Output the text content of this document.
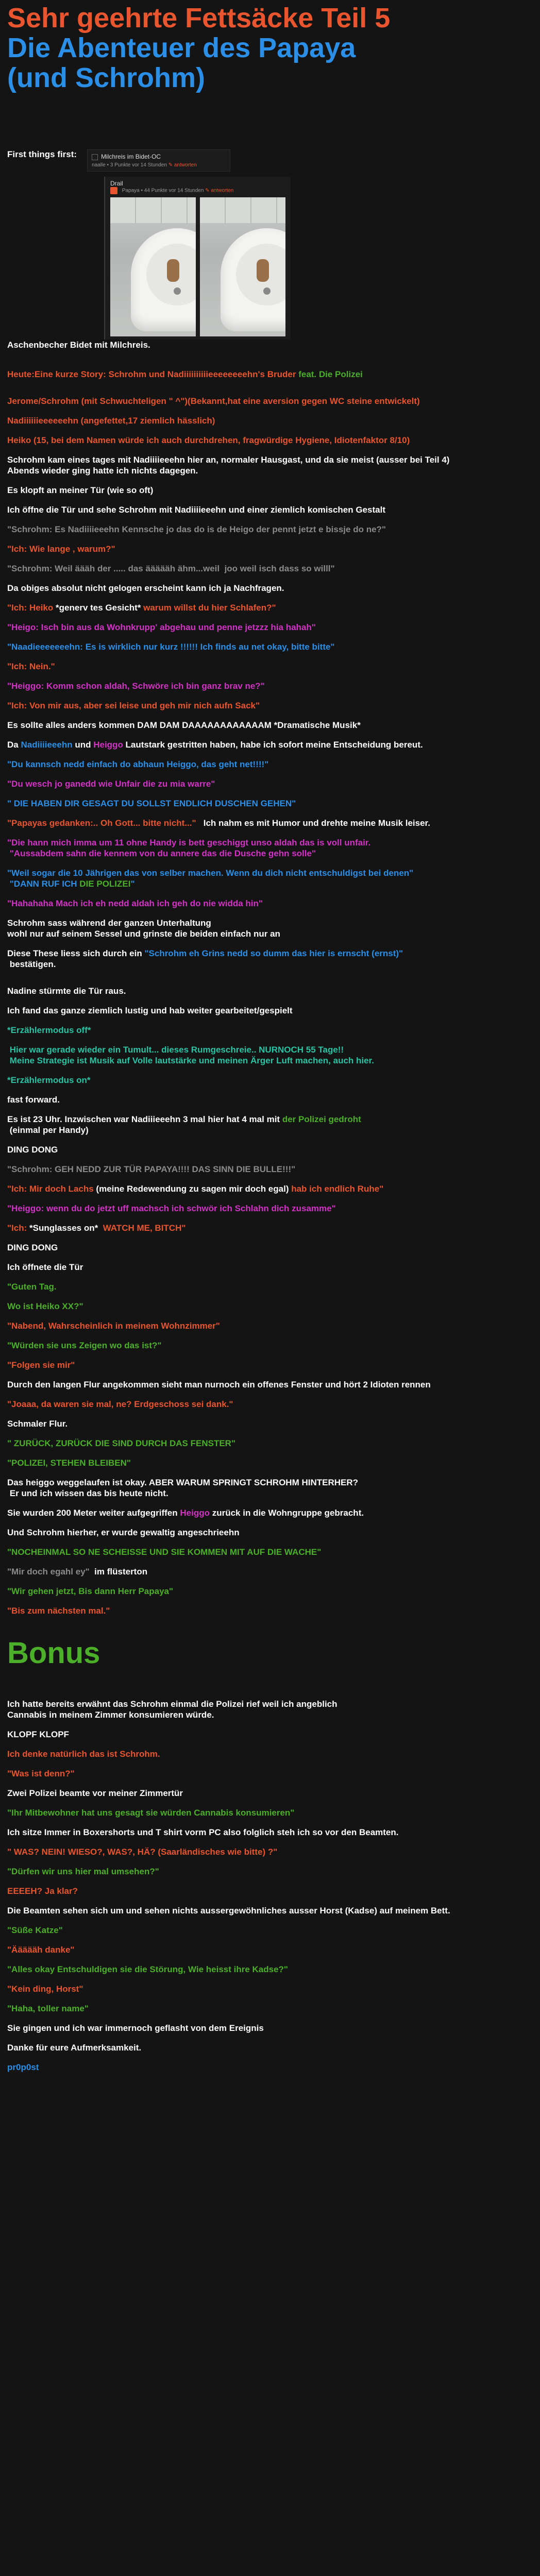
Sehr geehrte Fettsäcke Teil 5
Die Abenteuer des Papaya
(und Schrohm)
First things first:	Milchreis im Bidet-OC
naalle • 3 Punkte vor 14 Stunden ✎ antworten
Drail
Papaya • 44 Punkte vor 14 Stunden ✎ antworten

Aschenbecher Bidet mit Milchreis.

Heute:Eine kurze Story: Schrohm und Nadiiiiiiiiiieeeeeeeehn's Bruder feat. Die Polizei

Jerome/Schrohm (mit Schwuchteligen " ^")(Bekannt,hat eine aversion gegen WC steine entwickelt)

Nadiiiiiieeeeeehn (angefettet,17 ziemlich hässlich)

Heiko (15, bei dem Namen würde ich auch durchdrehen, fragwürdige Hygiene, Idiotenfaktor 8/10)

Schrohm kam eines tages mit Nadiiiieeehn hier an, normaler Hausgast, und da sie meist (ausser bei Teil 4)

Abends wieder ging hatte ich nichts dagegen.

Es klopft an meiner Tür (wie so oft)

Ich öffne die Tür und sehe Schrohm mit Nadiiiieeehn und einer ziemlich komischen Gestalt

"Schrohm: Es Nadiiiieeehn Kennsche jo das do is de Heigo der pennt jetzt e bissje do ne?"

"Ich: Wie lange , warum?"

"Schrohm: Weil äääh der ..... das äääääh ähm...weil  joo weil isch dass so willl"

Da obiges absolut nicht gelogen erscheint kann ich ja Nachfragen.

"Ich: Heiko *generv tes Gesicht* warum willst du hier Schlafen?"

"Heigo: Isch bin aus da Wohnkrupp' abgehau und penne jetzzz hia hahah"

"Naadieeeeeeehn: Es is wirklich nur kurz !!!!!! Ich finds au net okay, bitte bitte"

"Ich: Nein."

"Heiggo: Komm schon aldah, Schwöre ich bin ganz brav ne?"

"Ich: Von mir aus, aber sei leise und geh mir nich aufn Sack"

Es sollte alles anders kommen DAM DAM DAAAAAAAAAAAAM *Dramatische Musik*

Da Nadiiiieeehn und Heiggo Lautstark gestritten haben, habe ich sofort meine Entscheidung bereut.

"Du kannsch nedd einfach do abhaun Heiggo, das geht net!!!!"

"Du wesch jo ganedd wie Unfair die zu mia warre"

" DIE HABEN DIR GESAGT DU SOLLST ENDLICH DUSCHEN GEHEN"

"Papayas gedanken:.. Oh Gott... bitte nicht..."   Ich nahm es mit Humor und drehte meine Musik leiser.

"Die hann mich imma um 11 ohne Handy is bett geschiggt unso aldah das is voll unfair.

"Aussabdem sahn die kennem von du annere das die Dusche gehn solle"

"Weil sogar die 10 Jährigen das von selber machen. Wenn du dich nicht entschuldigst bei denen"

"DANN RUF ICH DIE POLIZEI"

"Hahahaha Mach ich eh nedd aldah ich geh do nie widda hin"

Schrohm sass während der ganzen Unterhaltung

wohl nur auf seinem Sessel und grinste die beiden einfach nur an

Diese These liess sich durch ein "Schrohm eh Grins nedd so dumm das hier is ernscht (ernst)"

bestätigen.

Nadine stürmte die Tür raus.

Ich fand das ganze ziemlich lustig und hab weiter gearbeitet/gespielt

*Erzählermodus off*

Hier war gerade wieder ein Tumult... dieses Rumgeschreie.. NURNOCH 55 Tage!!

Meine Strategie ist Musik auf Volle lautstärke und meinen Ärger Luft machen, auch hier.

*Erzählermodus on*

fast forward.

Es ist 23 Uhr. Inzwischen war Nadiiieeehn 3 mal hier hat 4 mal mit der Polizei gedroht

(einmal per Handy)

DING DONG

"Schrohm: GEH NEDD ZUR TÜR PAPAYA!!!! DAS SINN DIE BULLE!!!"

"Ich: Mir doch Lachs (meine Redewendung zu sagen mir doch egal) hab ich endlich Ruhe"

"Heiggo: wenn du do jetzt uff machsch ich schwör ich Schlahn dich zusamme"

"Ich: *Sunglasses on*  WATCH ME, BITCH"

DING DONG

Ich öffnete die Tür

"Guten Tag.

Wo ist Heiko XX?"

"Nabend, Wahrscheinlich in meinem Wohnzimmer"

"Würden sie uns Zeigen wo das ist?"

"Folgen sie mir"

Durch den langen Flur angekommen sieht man nurnoch ein offenes Fenster und hört 2 Idioten rennen

"Joaaa, da waren sie mal, ne? Erdgeschoss sei dank."

Schmaler Flur.

" ZURÜCK, ZURÜCK DIE SIND DURCH DAS FENSTER"

"POLIZEI, STEHEN BLEIBEN"

Das heiggo weggelaufen ist okay. ABER WARUM SPRINGT SCHROHM HINTERHER?

Er und ich wissen das bis heute nicht.

Sie wurden 200 Meter weiter aufgegriffen Heiggo zurück in die Wohngruppe gebracht.

Und Schrohm hierher, er wurde gewaltig angeschrieehn

"NOCHEINMAL SO NE SCHEISSE UND SIE KOMMEN MIT AUF DIE WACHE"

"Mir doch egahl ey"  im flüsterton

"Wir gehen jetzt, Bis dann Herr Papaya"

"Bis zum nächsten mal."

Bonus

Ich hatte bereits erwähnt das Schrohm einmal die Polizei rief weil ich angeblich

Cannabis in meinem Zimmer konsumieren würde.

KLOPF KLOPF

Ich denke natürlich das ist Schrohm.

"Was ist denn?"

Zwei Polizei beamte vor meiner Zimmertür

"Ihr Mitbewohner hat uns gesagt sie würden Cannabis konsumieren"

Ich sitze Immer in Boxershorts und T shirt vorm PC also folglich steh ich so vor den Beamten.

" WAS? NEIN! WIESO?, WAS?, HÄ? (Saarländisches wie bitte) ?"

"Dürfen wir uns hier mal umsehen?"

EEEEH? Ja klar?

Die Beamten sehen sich um und sehen nichts aussergewöhnliches ausser Horst (Kadse) auf meinem Bett.

"Süße Katze"

"Äääääh danke"

"Alles okay Entschuldigen sie die Störung, Wie heisst ihre Kadse?"

"Kein ding, Horst"

"Haha, toller name"

Sie gingen und ich war immernoch geflasht von dem Ereignis

Danke für eure Aufmerksamkeit.

pr0p0st
